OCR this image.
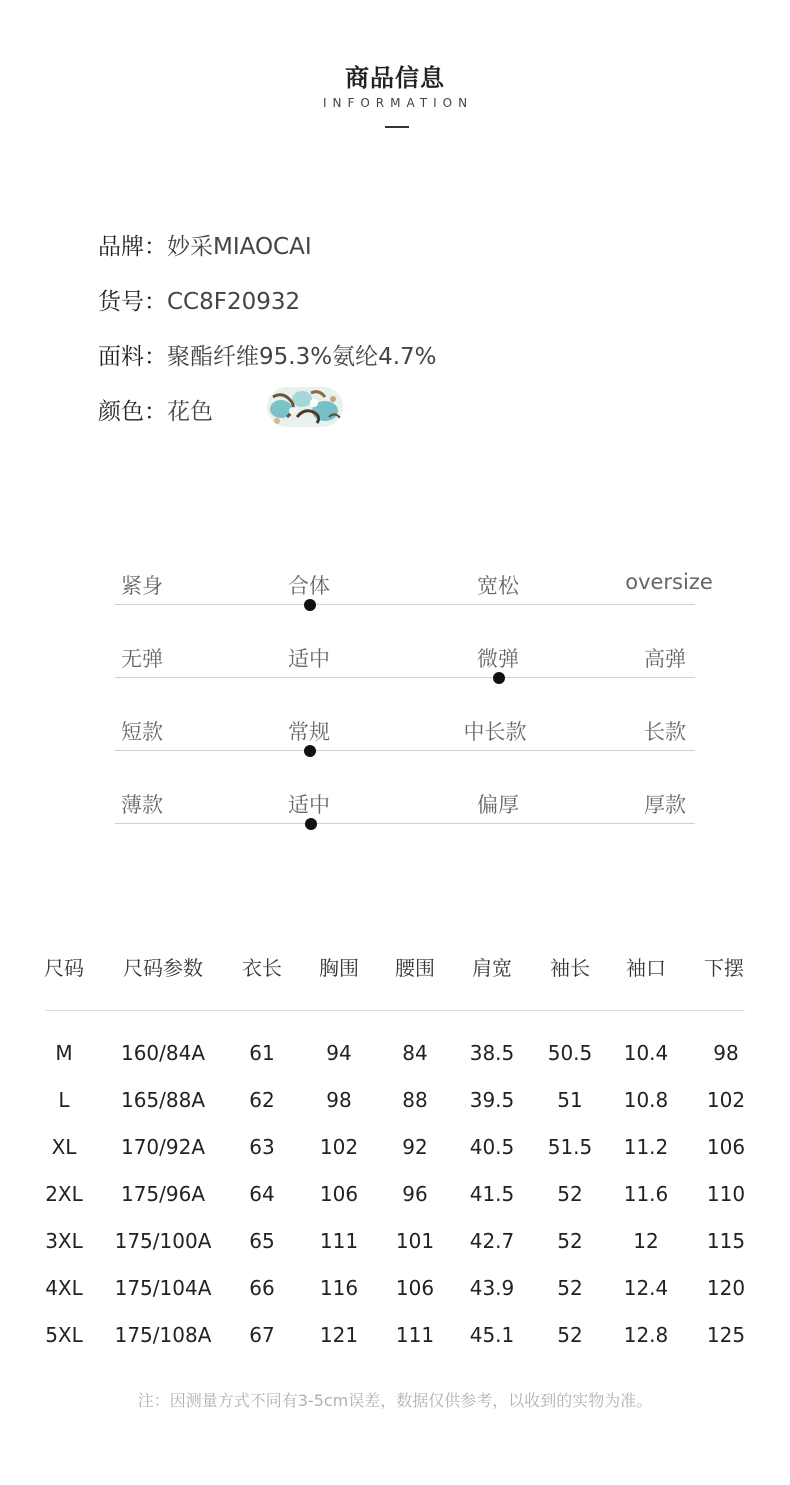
商品信息
INFORMATION
品牌：妙采MIAOCAI
货号：CC8F20932
面料：聚酯纤维95.3%氨纶4.7%
颜色：花色
紧身	合体	宽松	oversize
无弹	适中	微弹	高弹
短款	常规	中长款	长款
薄款	适中	偏厚	厚款
尺码 尺码参数 衣长 胸围 腰围 肩宽 袖长 袖口 下摆
M 160/84A 61	94	84 38.5 50.5 10.4 98
L	165/88A 62	98	88 39.5 51 10.8 102
XL 170/92A 63 102 92 40.5 51.5 11.2 106
2XL 175/96A 64 106 96 41.5 52 11.6 110
3XL 175/100A 65 111 101 42.7 52	12 115
4XL 175/104A 66 116 106 43.9 52 12.4 120
5XL 175/108A 67 121 111 45.1 52 12.8 125
注：因测量方式不同有3-5cm误差，数据仅供参考，以收到的实物为准。
